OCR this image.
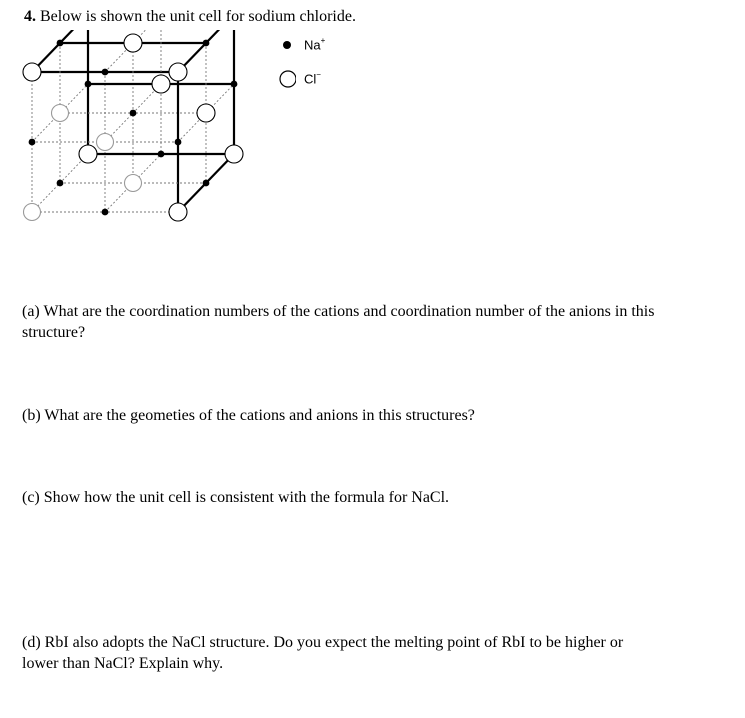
4. Below is shown the unit cell for sodium chloride.
Na+
Cl−
(a) What are the coordination numbers of the cations and coordination number of the anions in this structure?
(b) What are the geometies of the cations and anions in this structures?
(c) Show how the unit cell is consistent with the formula for NaCl.
(d) RbI also adopts the NaCl structure. Do you expect the melting point of RbI to be higher or lower than NaCl? Explain why.
